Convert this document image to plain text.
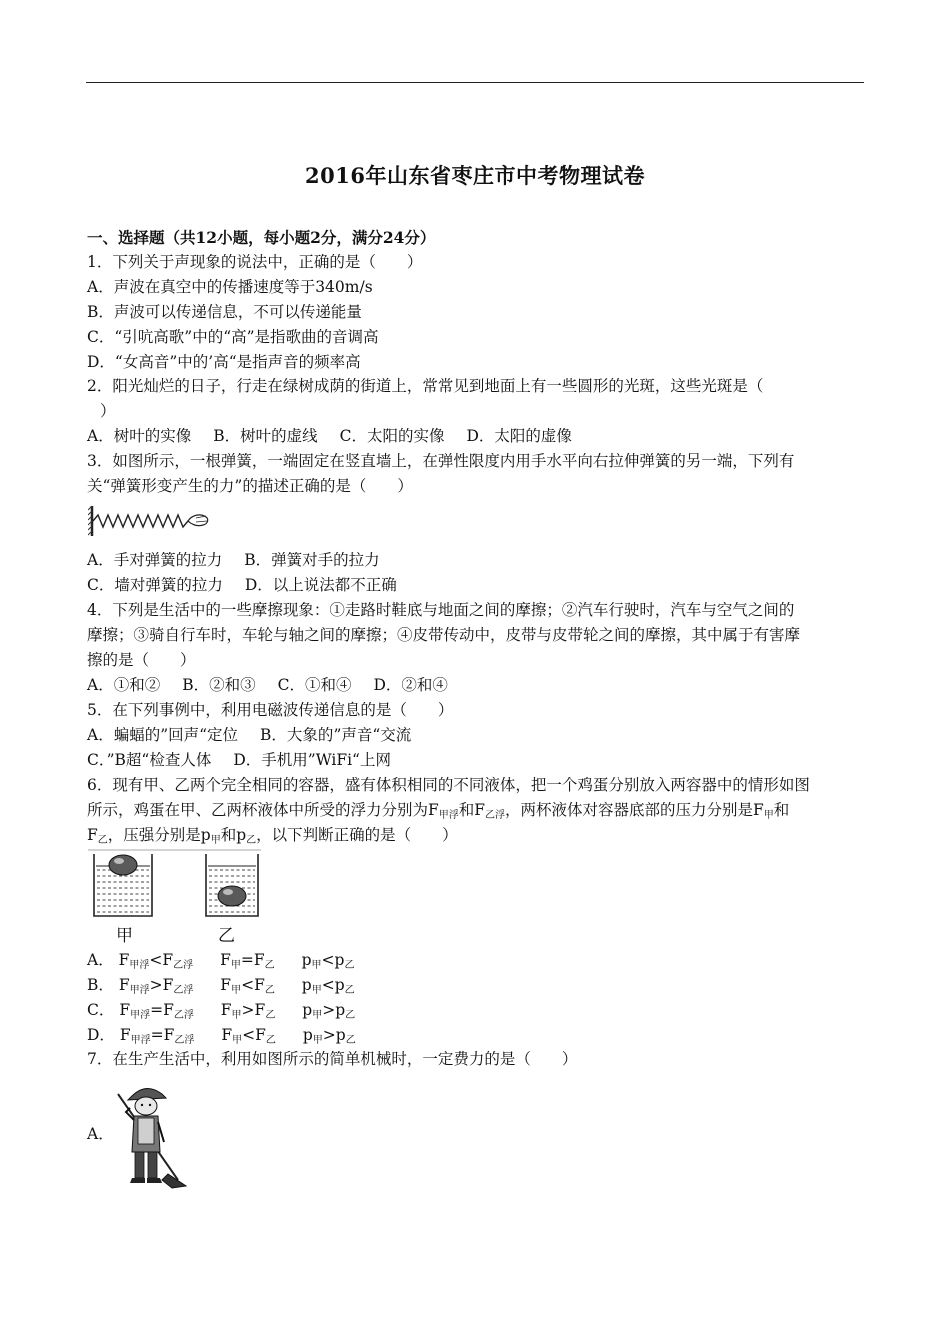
2016年山东省枣庄市中考物理试卷
一、选择题（共12小题，每小题2分，满分24分）
1．下列关于声现象的说法中，正确的是（　　）
A．声波在真空中的传播速度等于340m/s
B．声波可以传递信息，不可以传递能量
C．“引吭高歌”中的“高”是指歌曲的音调高
D．“女高音”中的’高“是指声音的频率高
2．阳光灿烂的日子，行走在绿树成荫的街道上，常常见到地面上有一些圆形的光斑，这些光斑是（
）
A．树叶的实像 B．树叶的虚线 C．太阳的实像 D．太阳的虚像
3．如图所示，一根弹簧，一端固定在竖直墙上，在弹性限度内用手水平向右拉伸弹簧的另一端，下列有
关“弹簧形变产生的力”的描述正确的是（　　）
A．手对弹簧的拉力 B．弹簧对手的拉力
C．墙对弹簧的拉力 D．以上说法都不正确
4．下列是生活中的一些摩擦现象：①走路时鞋底与地面之间的摩擦；②汽车行驶时，汽车与空气之间的
摩擦；③骑自行车时，车轮与轴之间的摩擦；④皮带传动中，皮带与皮带轮之间的摩擦，其中属于有害摩
擦的是（　　）
A．①和② B．②和③ C．①和④ D．②和④
5．在下列事例中，利用电磁波传递信息的是（　　）
A．蝙蝠的”回声“定位 B．大象的”声音“交流
C．”B超“检查人体 D．手机用”WiFi“上网
6．现有甲、乙两个完全相同的容器，盛有体积相同的不同液体，把一个鸡蛋分别放入两容器中的情形如图
所示，鸡蛋在甲、乙两杯液体中所受的浮力分别为$F_{甲浮}$和$F_{乙浮}$，两杯液体对容器底部的压力分别是$F_甲$和
$F_乙$，压强分别是$p_甲$和$p_乙$，以下判断正确的是（　　）
甲	乙
A． $F_{甲浮}<F_{乙浮}$ $F_甲=F_乙$ $p_甲<p_乙$
B． $F_{甲浮}>F_{乙浮}$ $F_甲<F_乙$ $p_甲<p_乙$
C． $F_{甲浮}=F_{乙浮}$ $F_甲>F_乙$ $p_甲>p_乙$
D． $F_{甲浮}=F_{乙浮}$ $F_甲<F_乙$ $p_甲>p_乙$
7．在生产生活中，利用如图所示的简单机械时，一定费力的是（　　）
A．
